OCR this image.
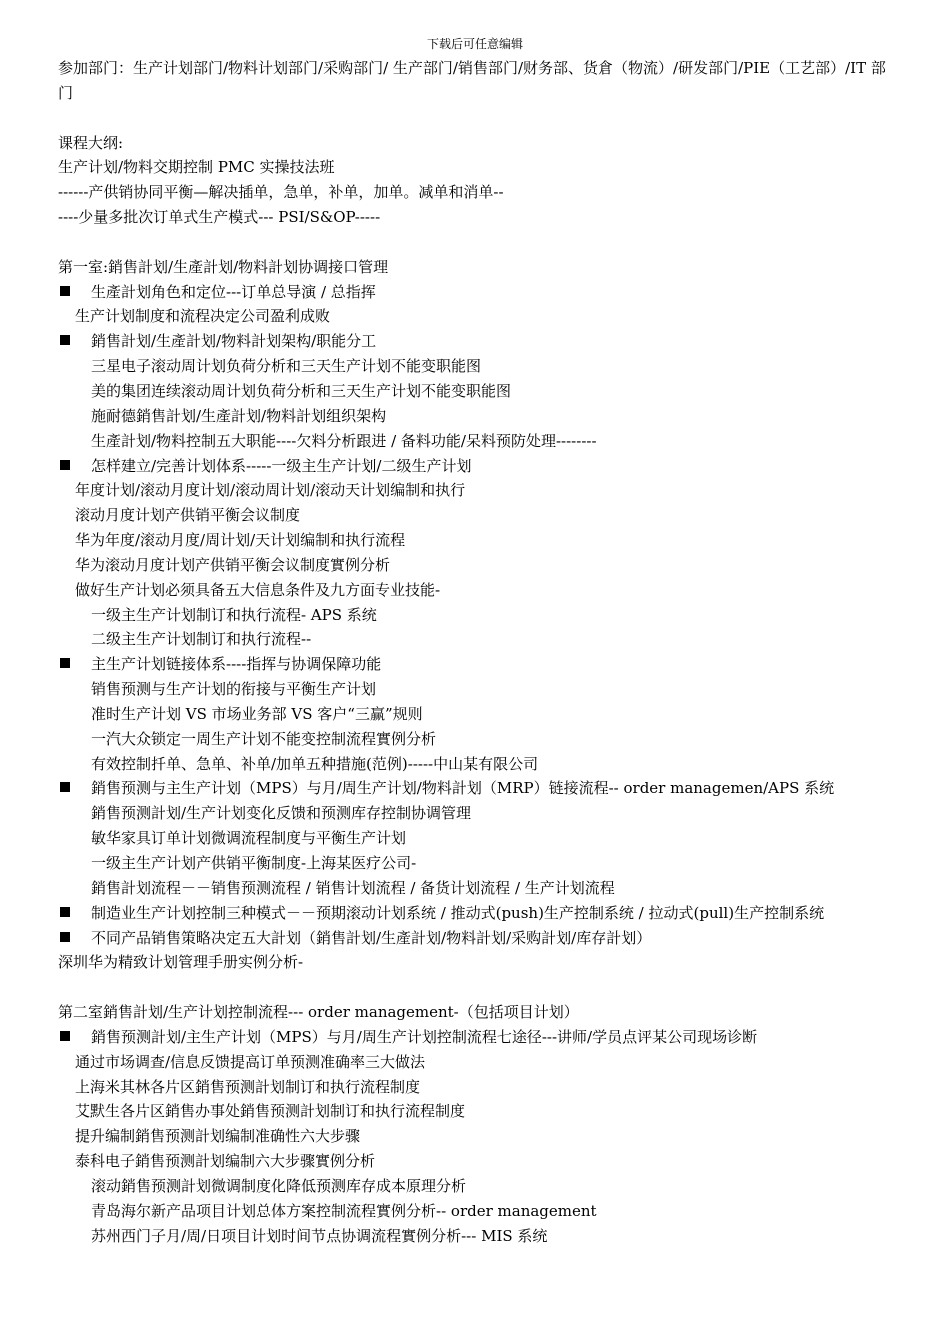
下载后可任意编辑
参加部门：生产计划部门/物料计划部门/采购部门/ 生产部门/销售部门/财务部、货倉（物流）/研发部门/PIE（工艺部）/IT 部门
课程大纲:
生产计划/物料交期控制 PMC 实操技法班
------产供销协同平衡—解决插单，急单，补单，加单。减单和消单--
----少量多批次订单式生产模式--- PSI/S&OP-----
第一室:銷售計划/生產計划/物料計划协调接口管理
生產計划角色和定位---订单总导演 / 总指挥
生产计划制度和流程决定公司盈利成败
銷售計划/生產計划/物料計划架构/职能分工
三星电子滚动周计划负荷分析和三天生产计划不能变职能图
美的集团连续滚动周计划负荷分析和三天生产计划不能变职能图
施耐德銷售計划/生產計划/物料計划组织架构
生產計划/物料控制五大职能----欠料分析跟进 / 备料功能/呆料预防处理--------
怎样建立/完善计划体系-----一级主生产计划/二级生产计划
年度计划/滚动月度计划/滚动周计划/滚动天计划编制和执行
滚动月度计划产供销平衡会议制度
华为年度/滚动月度/周计划/天计划编制和执行流程
华为滚动月度计划产供销平衡会议制度實例分析
做好生产计划必须具备五大信息条件及九方面专业技能-
一级主生产计划制订和执行流程- APS 系统
二级主生产计划制订和执行流程--
主生产计划链接体系----指挥与协调保障功能
销售预测与生产计划的衔接与平衡生产计划
准时生产计划 VS 市场业务部 VS 客户“三赢”规则
一汽大众锁定一周生产计划不能变控制流程實例分析
有效控制扦单、急单、补单/加单五种措施(范例)-----中山某有限公司
銷售预测与主生产计划（MPS）与月/周生产计划/物料計划（MRP）链接流程-- order managemen/APS 系统
銷售预测計划/生产计划变化反馈和预测库存控制协调管理
敏华家具订单计划微调流程制度与平衡生产计划
一级主生产计划产供销平衡制度-上海某医疗公司-
銷售計划流程－－销售预测流程 / 销售计划流程 / 备货计划流程 / 生产计划流程
制造业生产计划控制三种模式－－预期滚动计划系统 / 推动式(push)生产控制系统 / 拉动式(pull)生产控制系统
不同产品销售策略决定五大計划（銷售計划/生產計划/物料計划/采购計划/库存計划）
深圳华为精致计划管理手册实例分析-
第二室銷售計划/生产计划控制流程--- order management-（包括项目计划）
銷售预测計划/主生产计划（MPS）与月/周生产计划控制流程七途径---讲师/学员点评某公司现场诊断
通过市场调查/信息反馈提高订单预测准确率三大做法
上海米其林各片区銷售预测計划制订和执行流程制度
艾默生各片区銷售办事处銷售预测計划制订和执行流程制度
提升编制銷售预测計划编制准确性六大步骤
泰科电子銷售预测計划编制六大步骤實例分析
滚动銷售预测計划微调制度化降低预测库存成本原理分析
青岛海尔新产品项目计划总体方案控制流程實例分析-- order management
苏州西门子月/周/日项目计划时间节点协调流程實例分析--- MIS 系统
